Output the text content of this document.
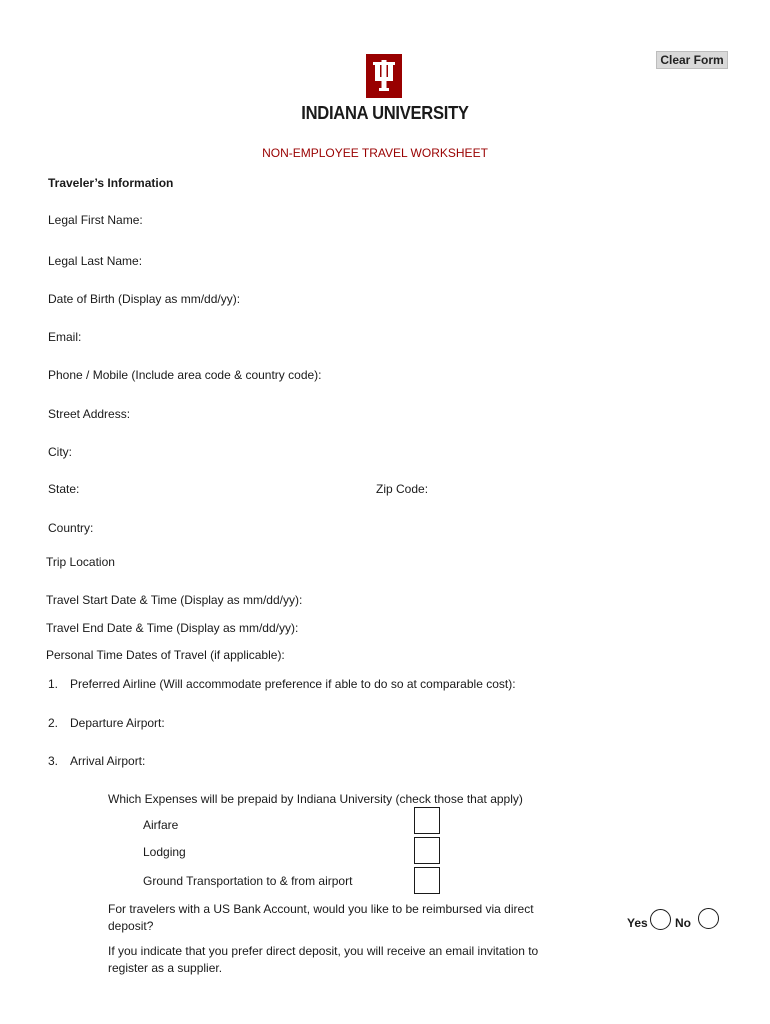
Clear Form
INDIANA UNIVERSITY
NON-EMPLOYEE TRAVEL WORKSHEET
Traveler’s Information
Legal First Name:
Legal Last Name:
Date of Birth (Display as mm/dd/yy):
Email:
Phone / Mobile (Include area code & country code):
Street Address:
City:
State:	Zip Code:
Country:
Trip Location
Travel Start Date & Time (Display as mm/dd/yy):
Travel End Date & Time (Display as mm/dd/yy):
Personal Time Dates of Travel (if applicable):
1. Preferred Airline (Will accommodate preference if able to do so at comparable cost):
2. Departure Airport:
3. Arrival Airport:
Which Expenses will be prepaid by Indiana University (check those that apply)
Airfare
Lodging
Ground Transportation to & from airport
For travelers with a US Bank Account, would you like to be reimbursed via direct
deposit?	Yes No
If you indicate that you prefer direct deposit, you will receive an email invitation to
register as a supplier.
